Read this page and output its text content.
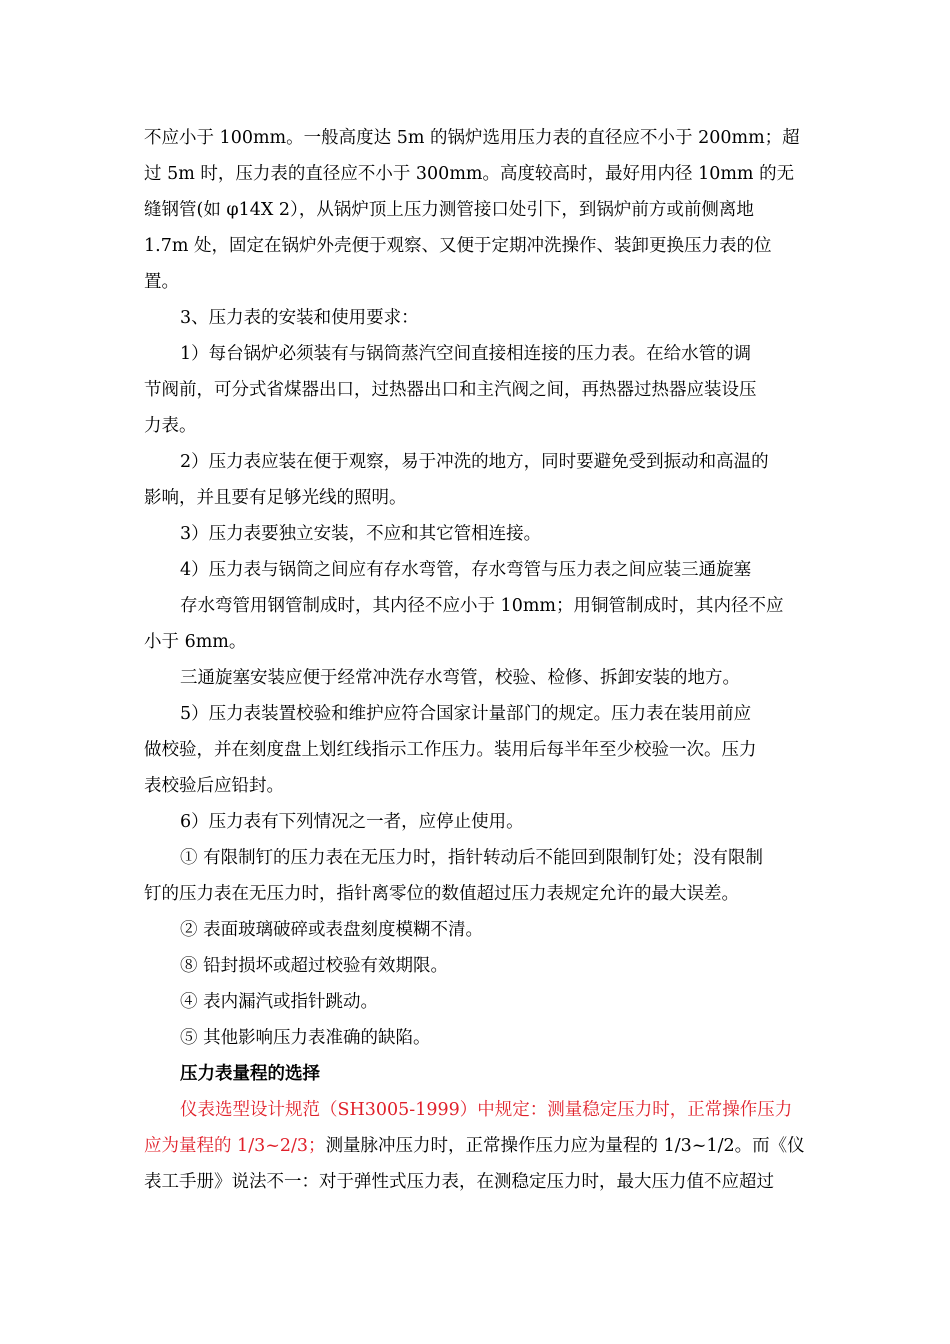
不应小于 100mm。一般高度达 5m 的锅炉选用压力表的直径应不小于 200mm；超
过 5m 时，压力表的直径应不小于 300mm。高度较高时，最好用内径 10mm 的无
缝钢管(如 φ14X 2），从锅炉顶上压力测管接口处引下，到锅炉前方或前侧离地
1.7m 处，固定在锅炉外壳便于观察、又便于定期冲洗操作、装卸更换压力表的位
置。
3、压力表的安装和使用要求：
1）每台锅炉必须装有与锅筒蒸汽空间直接相连接的压力表。在给水管的调
节阀前，可分式省煤器出口，过热器出口和主汽阀之间，再热器过热器应装设压
力表。
2）压力表应装在便于观察，易于冲洗的地方，同时要避免受到振动和高温的
影响，并且要有足够光线的照明。
3）压力表要独立安装，不应和其它管相连接。
4）压力表与锅筒之间应有存水弯管，存水弯管与压力表之间应装三通旋塞
存水弯管用钢管制成时，其内径不应小于 10mm；用铜管制成时，其内径不应
小于 6mm。
三通旋塞安装应便于经常冲洗存水弯管，校验、检修、拆卸安装的地方。
5）压力表装置校验和维护应符合国家计量部门的规定。压力表在装用前应
做校验，并在刻度盘上划红线指示工作压力。装用后每半年至少校验一次。压力
表校验后应铅封。
6）压力表有下列情况之一者，应停止使用。
① 有限制钉的压力表在无压力时，指针转动后不能回到限制钉处；没有限制
钉的压力表在无压力时，指针离零位的数值超过压力表规定允许的最大误差。
② 表面玻璃破碎或表盘刻度模糊不清。
⑧ 铅封损坏或超过校验有效期限。
④ 表内漏汽或指针跳动。
⑤ 其他影响压力表准确的缺陷。
压力表量程的选择
仪表选型设计规范（SH3005-1999）中规定：测量稳定压力时，正常操作压力
应为量程的 1/3~2/3；测量脉冲压力时，正常操作压力应为量程的 1/3~1/2。而《仪
表工手册》说法不一：对于弹性式压力表，在测稳定压力时，最大压力值不应超过
